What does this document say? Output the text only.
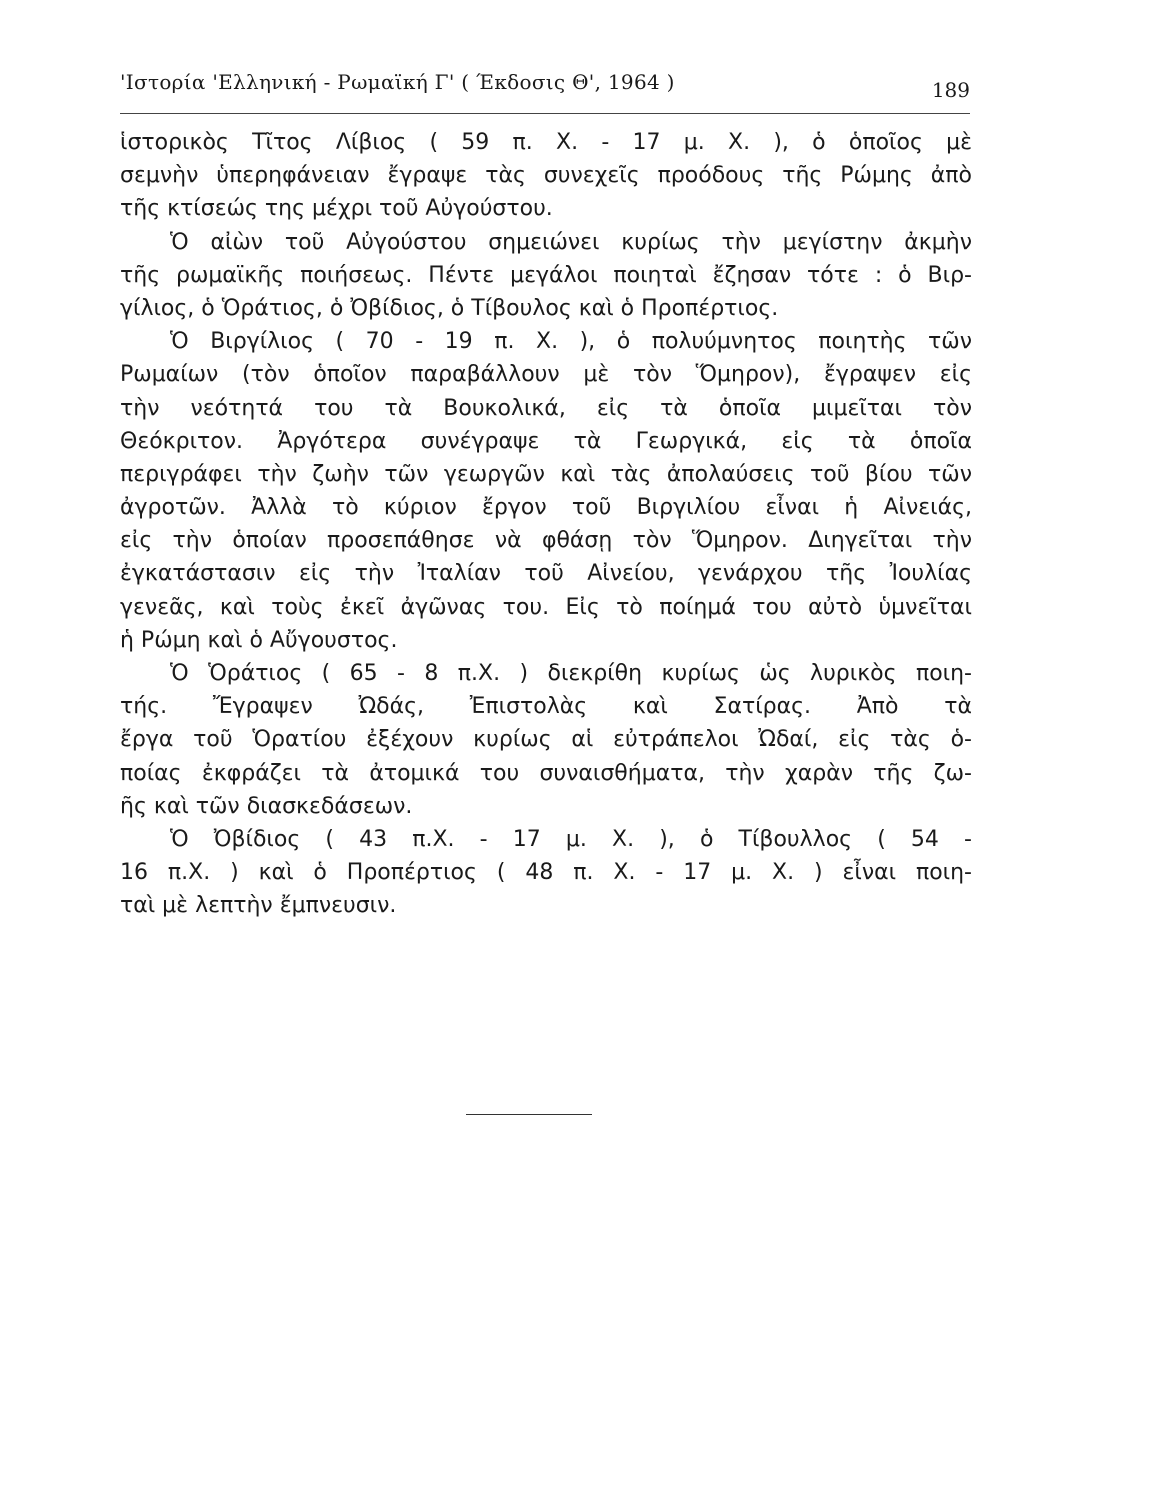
'Ιστορία 'Ελληνική - Ρωμαϊκή Γ' ( Έκδοσις Θ', 1964 )	189
ἱστορικὸς Τῖτος Λίβιος ( 59 π. Χ. - 17 μ. Χ. ), ὁ ὁποῖος μὲ
σεμνὴν ὑπερηφάνειαν ἔγραψε τὰς συνεχεῖς προόδους τῆς Ρώμης ἀπὸ
τῆς κτίσεώς της μέχρι τοῦ Αὐγούστου.
Ὁ αἰὼν τοῦ Αὐγούστου σημειώνει κυρίως τὴν μεγίστην ἀκμὴν
τῆς ρωμαϊκῆς ποιήσεως. Πέντε μεγάλοι ποιηταὶ ἔζησαν τότε : ὁ Βιρ-
γίλιος, ὁ Ὁράτιος, ὁ Ὀβίδιος, ὁ Τίβουλος καὶ ὁ Προπέρτιος.
Ὁ Βιργίλιος ( 70 - 19 π. Χ. ), ὁ πολυύμνητος ποιητὴς τῶν
Ρωμαίων (τὸν ὁποῖον παραβάλλουν μὲ τὸν Ὅμηρον), ἔγραψεν εἰς
τὴν νεότητά του τὰ Βουκολικά, εἰς τὰ ὁποῖα μιμεῖται τὸν
Θεόκριτον. Ἀργότερα συνέγραψε τὰ Γεωργικά, εἰς τὰ ὁποῖα
περιγράφει τὴν ζωὴν τῶν γεωργῶν καὶ τὰς ἀπολαύσεις τοῦ βίου τῶν
ἀγροτῶν. Ἀλλὰ τὸ κύριον ἔργον τοῦ Βιργιλίου εἶναι ἡ Αἰνειάς,
εἰς τὴν ὁποίαν προσεπάθησε νὰ φθάσῃ τὸν Ὅμηρον. Διηγεῖται τὴν
ἐγκατάστασιν εἰς τὴν Ἰταλίαν τοῦ Αἰνείου, γενάρχου τῆς Ἰουλίας
γενεᾶς, καὶ τοὺς ἐκεῖ ἀγῶνας του. Εἰς τὸ ποίημά του αὐτὸ ὑμνεῖται
ἡ Ρώμη καὶ ὁ Αὔγουστος.
Ὁ Ὁράτιος ( 65 - 8 π.Χ. ) διεκρίθη κυρίως ὡς λυρικὸς ποιη-
τής. Ἔγραψεν Ὠδάς, Ἐπιστολὰς καὶ Σατίρας. Ἀπὸ τὰ
ἔργα τοῦ Ὁρατίου ἐξέχουν κυρίως αἱ εὐτράπελοι Ὠδαί, εἰς τὰς ὁ-
ποίας ἐκφράζει τὰ ἀτομικά του συναισθήματα, τὴν χαρὰν τῆς ζω-
ῆς καὶ τῶν διασκεδάσεων.
Ὁ Ὀβίδιος ( 43 π.Χ. - 17 μ. Χ. ), ὁ Τίβουλλος ( 54 -
16 π.Χ. ) καὶ ὁ Προπέρτιος ( 48 π. Χ. - 17 μ. Χ. ) εἶναι ποιη-
ταὶ μὲ λεπτὴν ἔμπνευσιν.
